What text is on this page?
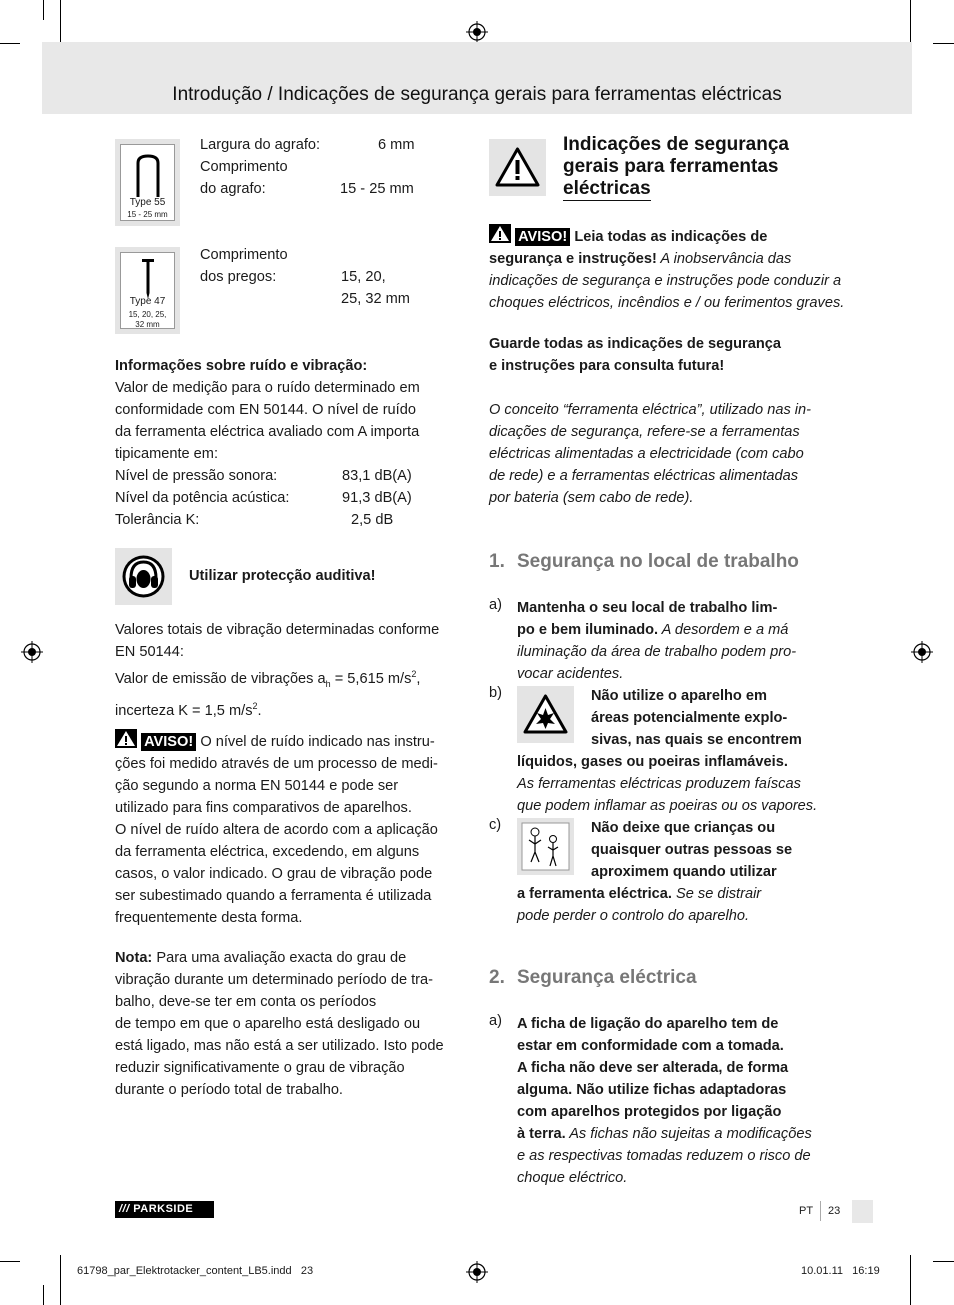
Introdução / Indicações de segurança gerais para ferramentas eléctricas
Type 55
15 - 25 mm
Type 47
15, 20, 25,
32 mm
Largura do agrafo:	6 mm
Comprimento
do agrafo:	15 - 25 mm
Comprimento
dos pregos:	15, 20,
25, 32 mm
Informações sobre ruído e vibração:
Valor de medição para o ruído determinado em
conformidade com EN 50144. O nível de ruído
da ferramenta eléctrica avaliado com A importa
tipicamente em:
Nível de pressão sonora:	83,1 dB(A)
Nível da potência acústica:	91,3 dB(A)
Tolerância K:	2,5 dB
Utilizar protecção auditiva!
Valores totais de vibração determinadas conforme
EN 50144:
Valor de emissão de vibrações $a_h = 5,615$ $m/s^2$,
incerteza K = 1,5 $m/s^2$.
AVISO! O nível de ruído indicado nas instru-
ções foi medido através de um processo de medi-
ção segundo a norma EN 50144 e pode ser
utilizado para fins comparativos de aparelhos.
O nível de ruído altera de acordo com a aplicação
da ferramenta eléctrica, excedendo, em alguns
casos, o valor indicado. O grau de vibração pode
ser subestimado quando a ferramenta é utilizada
frequentemente desta forma.
Nota: Para uma avaliação exacta do grau de
vibração durante um determinado período de tra-
balho, deve-se ter em conta os períodos
de tempo em que o aparelho está desligado ou
está ligado, mas não está a ser utilizado. Isto pode
reduzir significativamente o grau de vibração
durante o período total de trabalho.
Indicações de segurança
gerais para ferramentas
eléctricas
AVISO! Leia todas as indicações de
segurança e instruções! A inobservância das
indicações de segurança e instruções pode conduzir a
choques eléctricos, incêndios e / ou ferimentos graves.
Guarde todas as indicações de segurança
e instruções para consulta futura!
O conceito “ferramenta eléctrica”, utilizado nas in-
dicações de segurança, refere-se a ferramentas
eléctricas alimentadas a electricidade (com cabo
de rede) e a ferramentas eléctricas alimentadas
por bateria (sem cabo de rede).
1. Segurança no local de trabalho
a) Mantenha o seu local de trabalho lim-
po e bem iluminado. A desordem e a má
iluminação da área de trabalho podem pro-
vocar acidentes.
b)	Não utilize o aparelho em
áreas potencialmente explo-
sivas, nas quais se encontrem
líquidos, gases ou poeiras inflamáveis.
As ferramentas eléctricas produzem faíscas
que podem inflamar as poeiras ou os vapores.
c)	Não deixe que crianças ou
quaisquer outras pessoas se
aproximem quando utilizar
a ferramenta eléctrica. Se se distrair
pode perder o controlo do aparelho.
2. Segurança eléctrica
a) A ficha de ligação do aparelho tem de
estar em conformidade com a tomada.
A ficha não deve ser alterada, de forma
alguma. Não utilize fichas adaptadoras
com aparelhos protegidos por ligação
à terra. As fichas não sujeitas a modificações
e as respectivas tomadas reduzem o risco de
choque eléctrico.
/// PARKSIDE	PT 23
61798_par_Elektrotacker_content_LB5.indd   23	10.01.11   16:19
